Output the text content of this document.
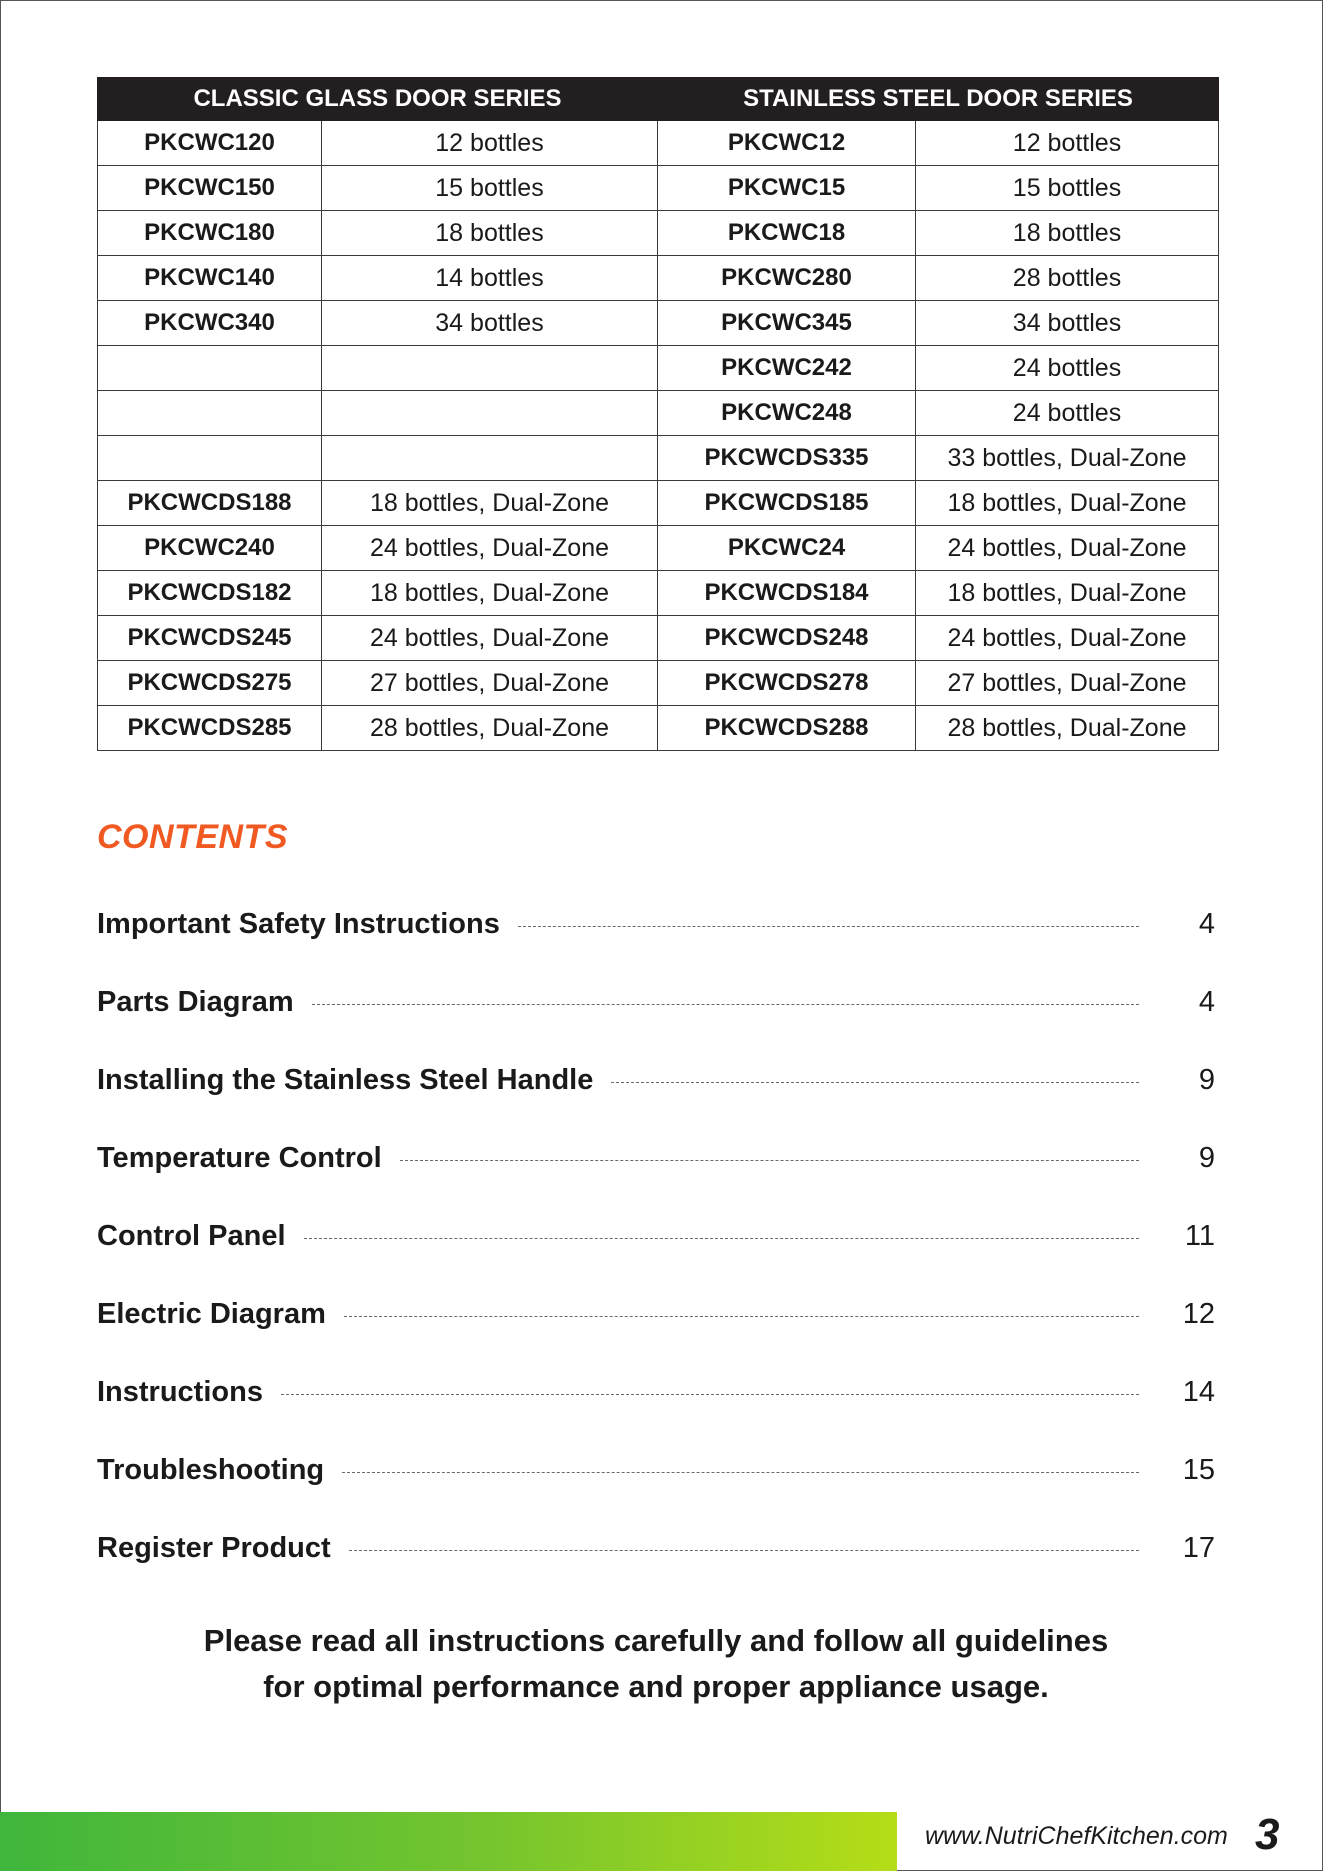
CLASSIC GLASS DOOR SERIES		STAINLESS STEEL DOOR SERIES	
PKCWC120	12 bottles	PKCWC12	12 bottles
PKCWC150	15 bottles	PKCWC15	15 bottles
PKCWC180	18 bottles	PKCWC18	18 bottles
PKCWC140	14 bottles	PKCWC280	28 bottles
PKCWC340	34 bottles	PKCWC345	34 bottles
		PKCWC242	24 bottles
		PKCWC248	24 bottles
		PKCWCDS335	33 bottles, Dual-Zone
PKCWCDS188	18 bottles, Dual-Zone	PKCWCDS185	18 bottles, Dual-Zone
PKCWC240	24 bottles, Dual-Zone	PKCWC24	24 bottles, Dual-Zone
PKCWCDS182	18 bottles, Dual-Zone	PKCWCDS184	18 bottles, Dual-Zone
PKCWCDS245	24 bottles, Dual-Zone	PKCWCDS248	24 bottles, Dual-Zone
PKCWCDS275	27 bottles, Dual-Zone	PKCWCDS278	27 bottles, Dual-Zone
PKCWCDS285	28 bottles, Dual-Zone	PKCWCDS288	28 bottles, Dual-Zone
CONTENTS
Important Safety Instructions	4
Parts Diagram	4
Installing the Stainless Steel Handle	9
Temperature Control	9
Control Panel	11
Electric Diagram	12
Instructions	14
Troubleshooting	15
Register Product	17

Please read all instructions carefully and follow all guidelines
for optimal performance and proper appliance usage.

www.NutriChefKitchen.com 3
